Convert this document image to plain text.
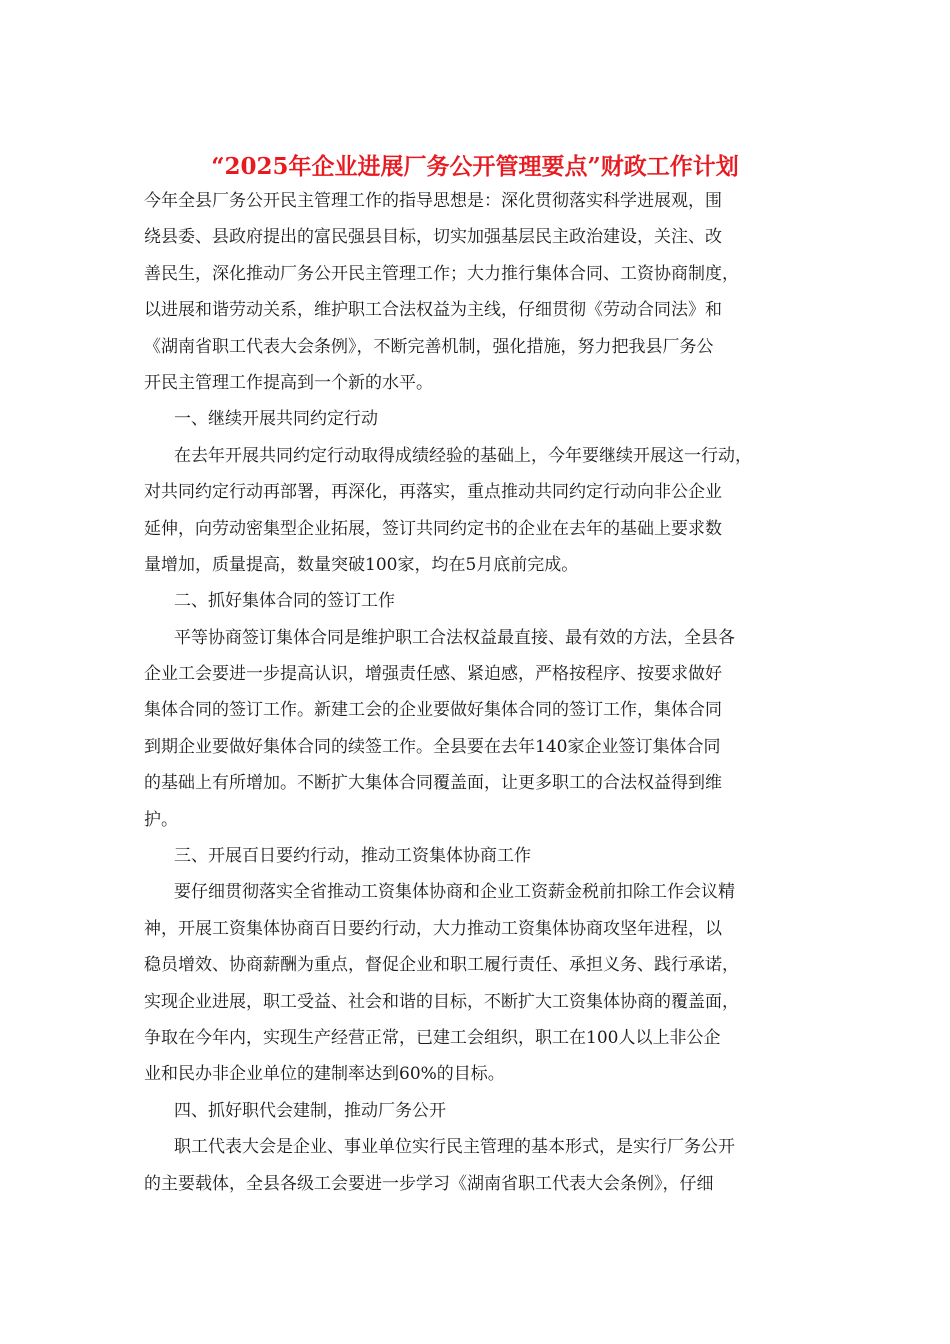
“2025年企业进展厂务公开管理要点”财政工作计划
今年全县厂务公开民主管理工作的指导思想是：深化贯彻落实科学进展观，围
绕县委、县政府提出的富民强县目标，切实加强基层民主政治建设，关注、改
善民生，深化推动厂务公开民主管理工作；大力推行集体合同、工资协商制度，
以进展和谐劳动关系，维护职工合法权益为主线，仔细贯彻《劳动合同法》和
《湖南省职工代表大会条例》，不断完善机制，强化措施，努力把我县厂务公
开民主管理工作提高到一个新的水平。
一、继续开展共同约定行动
在去年开展共同约定行动取得成绩经验的基础上，今年要继续开展这一行动，
对共同约定行动再部署，再深化，再落实，重点推动共同约定行动向非公企业
延伸，向劳动密集型企业拓展，签订共同约定书的企业在去年的基础上要求数
量增加，质量提高，数量突破100家，均在5月底前完成。
二、抓好集体合同的签订工作
平等协商签订集体合同是维护职工合法权益最直接、最有效的方法，全县各
企业工会要进一步提高认识，增强责任感、紧迫感，严格按程序、按要求做好
集体合同的签订工作。新建工会的企业要做好集体合同的签订工作，集体合同
到期企业要做好集体合同的续签工作。全县要在去年140家企业签订集体合同
的基础上有所增加。不断扩大集体合同覆盖面，让更多职工的合法权益得到维
护。
三、开展百日要约行动，推动工资集体协商工作
要仔细贯彻落实全省推动工资集体协商和企业工资薪金税前扣除工作会议精
神，开展工资集体协商百日要约行动，大力推动工资集体协商攻坚年进程，以
稳员增效、协商薪酬为重点，督促企业和职工履行责任、承担义务、践行承诺，
实现企业进展，职工受益、社会和谐的目标，不断扩大工资集体协商的覆盖面，
争取在今年内，实现生产经营正常，已建工会组织，职工在100人以上非公企
业和民办非企业单位的建制率达到60%的目标。
四、抓好职代会建制，推动厂务公开
职工代表大会是企业、事业单位实行民主管理的基本形式，是实行厂务公开
的主要载体，全县各级工会要进一步学习《湖南省职工代表大会条例》，仔细
